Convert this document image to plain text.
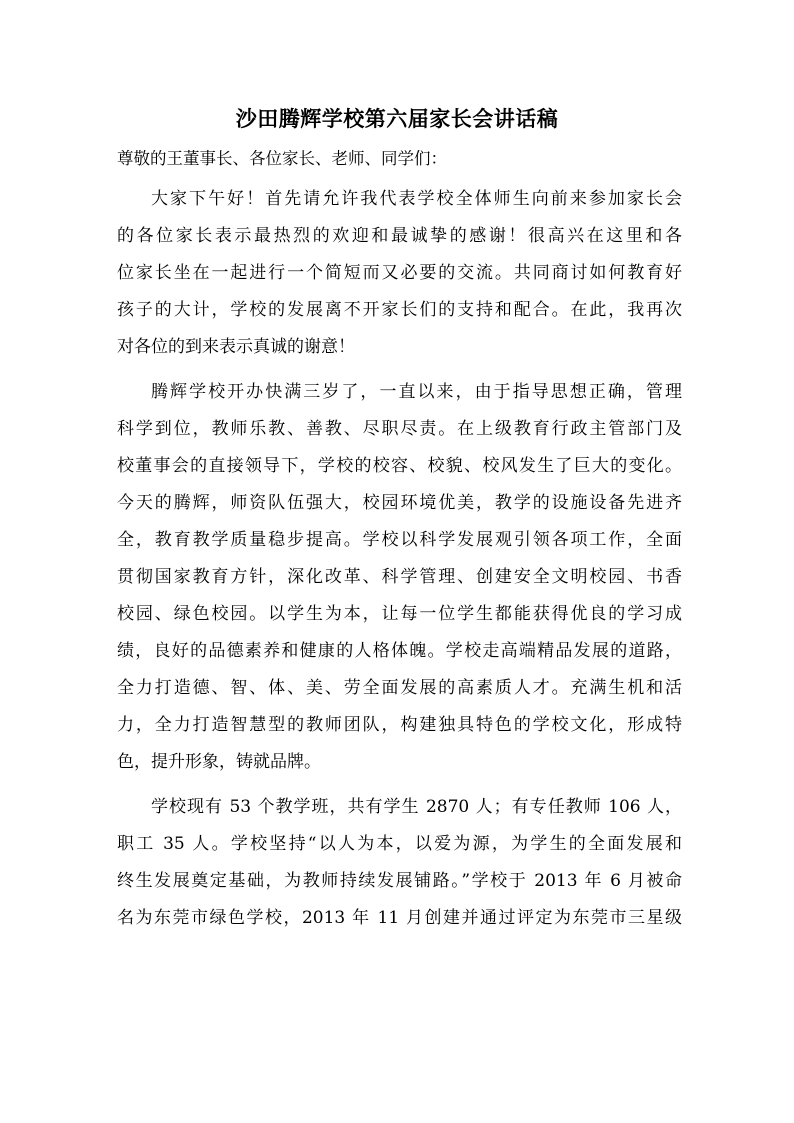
沙田腾辉学校第六届家长会讲话稿
尊敬的王董事长、各位家长、老师、同学们：
大家下午好！首先请允许我代表学校全体师生向前来参加家长会
的各位家长表示最热烈的欢迎和最诚挚的感谢！很高兴在这里和各
位家长坐在一起进行一个简短而又必要的交流。共同商讨如何教育好
孩子的大计，学校的发展离不开家长们的支持和配合。在此，我再次
对各位的到来表示真诚的谢意！
腾辉学校开办快满三岁了，一直以来，由于指导思想正确，管理
科学到位，教师乐教、善教、尽职尽责。在上级教育行政主管部门及
校董事会的直接领导下，学校的校容、校貌、校风发生了巨大的变化。
今天的腾辉，师资队伍强大，校园环境优美，教学的设施设备先进齐
全，教育教学质量稳步提高。学校以科学发展观引领各项工作，全面
贯彻国家教育方针，深化改革、科学管理、创建安全文明校园、书香
校园、绿色校园。以学生为本，让每一位学生都能获得优良的学习成
绩，良好的品德素养和健康的人格体魄。学校走高端精品发展的道路，
全力打造德、智、体、美、劳全面发展的高素质人才。充满生机和活
力，全力打造智慧型的教师团队，构建独具特色的学校文化，形成特
色，提升形象，铸就品牌。
学校现有 53 个教学班，共有学生 2870 人；有专任教师 106 人，
职工 35 人。学校坚持“以人为本，以爱为源，为学生的全面发展和
终生发展奠定基础，为教师持续发展铺路。”学校于 2013 年 6 月被命
名为东莞市绿色学校，2013 年 11 月创建并通过评定为东莞市三星级
